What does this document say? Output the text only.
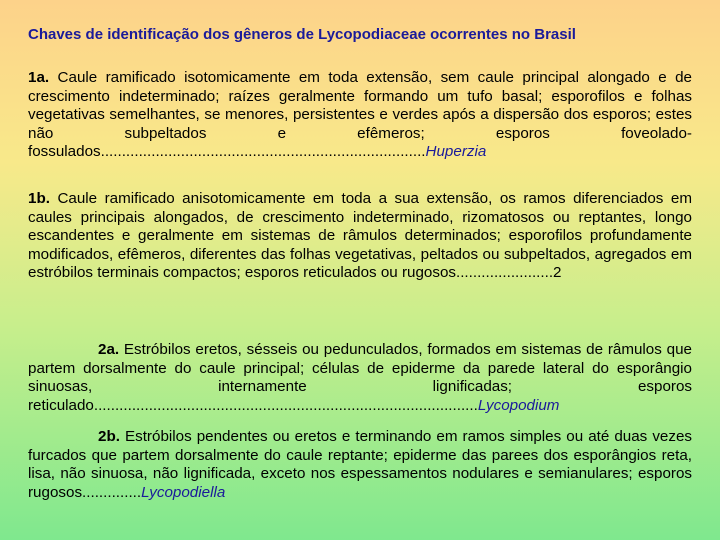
Chaves de identificação dos gêneros de Lycopodiaceae ocorrentes no Brasil
1a. Caule ramificado isotomicamente em toda extensão, sem caule principal alongado e de crescimento indeterminado; raízes geralmente formando um tufo basal; esporofilos e folhas vegetativas semelhantes, se menores, persistentes e verdes após a dispersão dos esporos; estes não subpeltados e efêmeros; esporos foveolado-fossulados.............................................................................Huperzia
1b. Caule ramificado anisotomicamente em toda a sua extensão, os ramos diferenciados em caules principais alongados, de crescimento indeterminado, rizomatosos ou reptantes, longo escandentes e geralmente em sistemas de râmulos determinados; esporofilos profundamente modificados, efêmeros, diferentes das folhas vegetativas, peltados ou subpeltados, agregados em estróbilos terminais compactos; esporos reticulados ou rugosos.......................2
2a. Estróbilos eretos, sésseis ou pedunculados, formados em sistemas de râmulos que partem dorsalmente do caule principal; células de epiderme da parede lateral do esporângio sinuosas, internamente lignificadas; esporos reticulado...........................................................................................Lycopodium
2b. Estróbilos pendentes ou eretos e terminando em ramos simples ou até duas vezes furcados que partem dorsalmente do caule reptante; epiderme das parees dos esporângios reta, lisa, não sinuosa, não lignificada, exceto nos espessamentos nodulares e semianulares; esporos rugosos..............Lycopodiella
